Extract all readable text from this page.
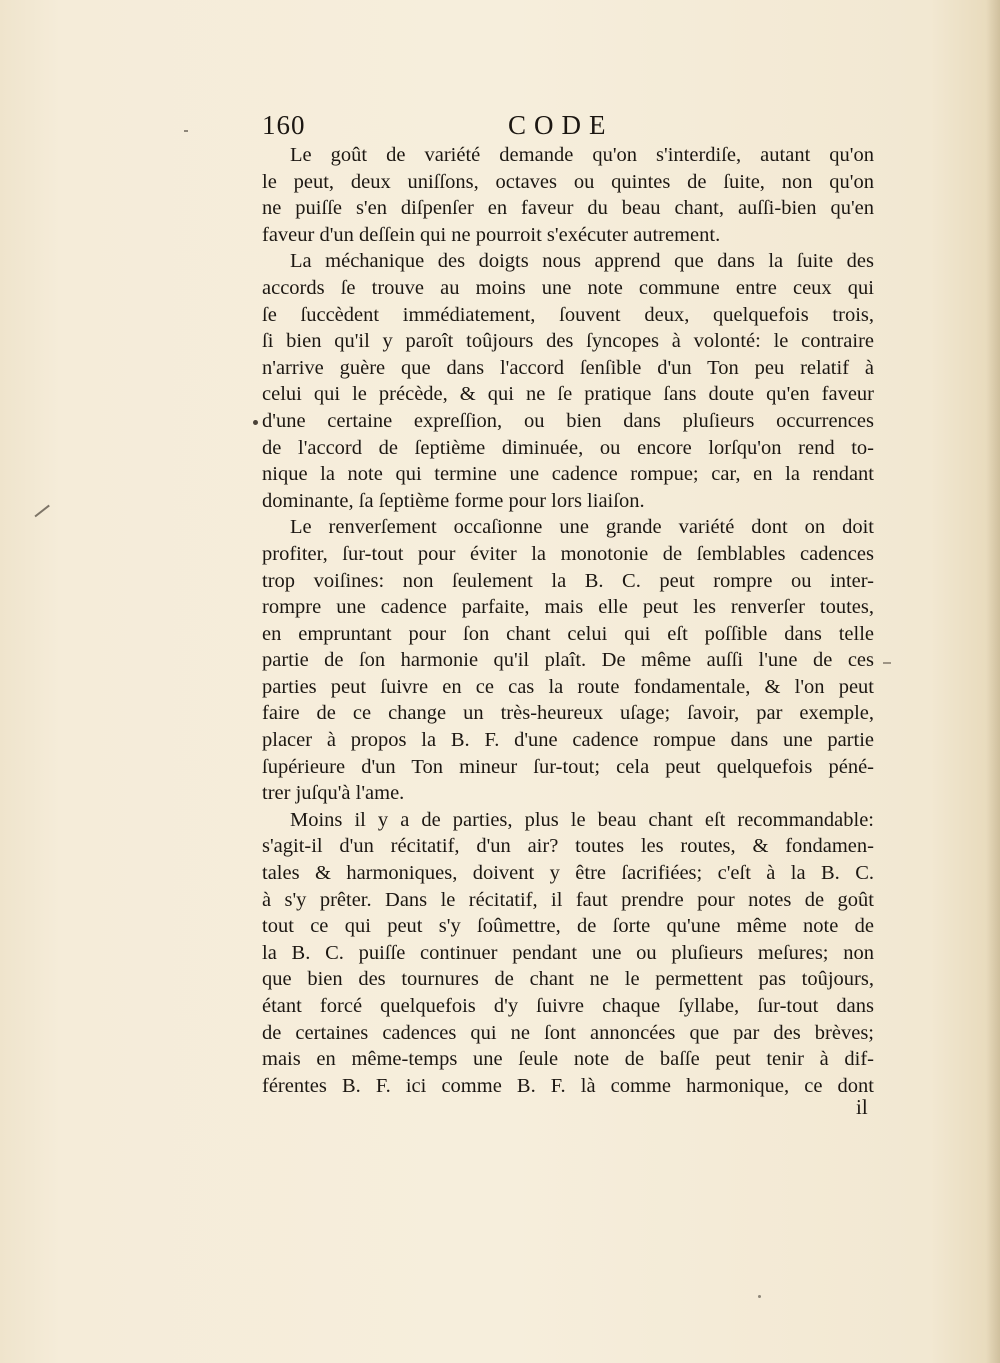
160	CODE
Le goût de variété demande qu'on s'interdiſe, autant qu'on
le peut, deux uniſſons, octaves ou quintes de ſuite, non qu'on
ne puiſſe s'en diſpenſer en faveur du beau chant, auſſi-bien qu'en
faveur d'un deſſein qui ne pourroit s'exécuter autrement.
La méchanique des doigts nous apprend que dans la ſuite des
accords ſe trouve au moins une note commune entre ceux qui
ſe ſuccèdent immédiatement, ſouvent deux, quelquefois trois,
ſi bien qu'il y paroît toûjours des ſyncopes à volonté: le contraire
n'arrive guère que dans l'accord ſenſible d'un Ton peu relatif à
celui qui le précède, & qui ne ſe pratique ſans doute qu'en faveur
d'une certaine expreſſion, ou bien dans pluſieurs occurrences
de l'accord de ſeptième diminuée, ou encore lorſqu'on rend to-
nique la note qui termine une cadence rompue; car, en la rendant
dominante, ſa ſeptième forme pour lors liaiſon.
Le renverſement occaſionne une grande variété dont on doit
profiter, ſur-tout pour éviter la monotonie de ſemblables cadences
trop voiſines: non ſeulement la B. C. peut rompre ou inter-
rompre une cadence parfaite, mais elle peut les renverſer toutes,
en empruntant pour ſon chant celui qui eſt poſſible dans telle
partie de ſon harmonie qu'il plaît. De même auſſi l'une de ces
parties peut ſuivre en ce cas la route fondamentale, & l'on peut
faire de ce change un très-heureux uſage; ſavoir, par exemple,
placer à propos la B. F. d'une cadence rompue dans une partie
ſupérieure d'un Ton mineur ſur-tout; cela peut quelquefois péné-
trer juſqu'à l'ame.
Moins il y a de parties, plus le beau chant eſt recommandable:
s'agit-il d'un récitatif, d'un air? toutes les routes, & fondamen-
tales & harmoniques, doivent y être ſacrifiées; c'eſt à la B. C.
à s'y prêter. Dans le récitatif, il faut prendre pour notes de goût
tout ce qui peut s'y ſoûmettre, de ſorte qu'une même note de
la B. C. puiſſe continuer pendant une ou pluſieurs meſures; non
que bien des tournures de chant ne le permettent pas toûjours,
étant forcé quelquefois d'y ſuivre chaque ſyllabe, ſur-tout dans
de certaines cadences qui ne ſont annoncées que par des brèves;
mais en même-temps une ſeule note de baſſe peut tenir à dif-
férentes B. F. ici comme B. F. là comme harmonique, ce dont
il
